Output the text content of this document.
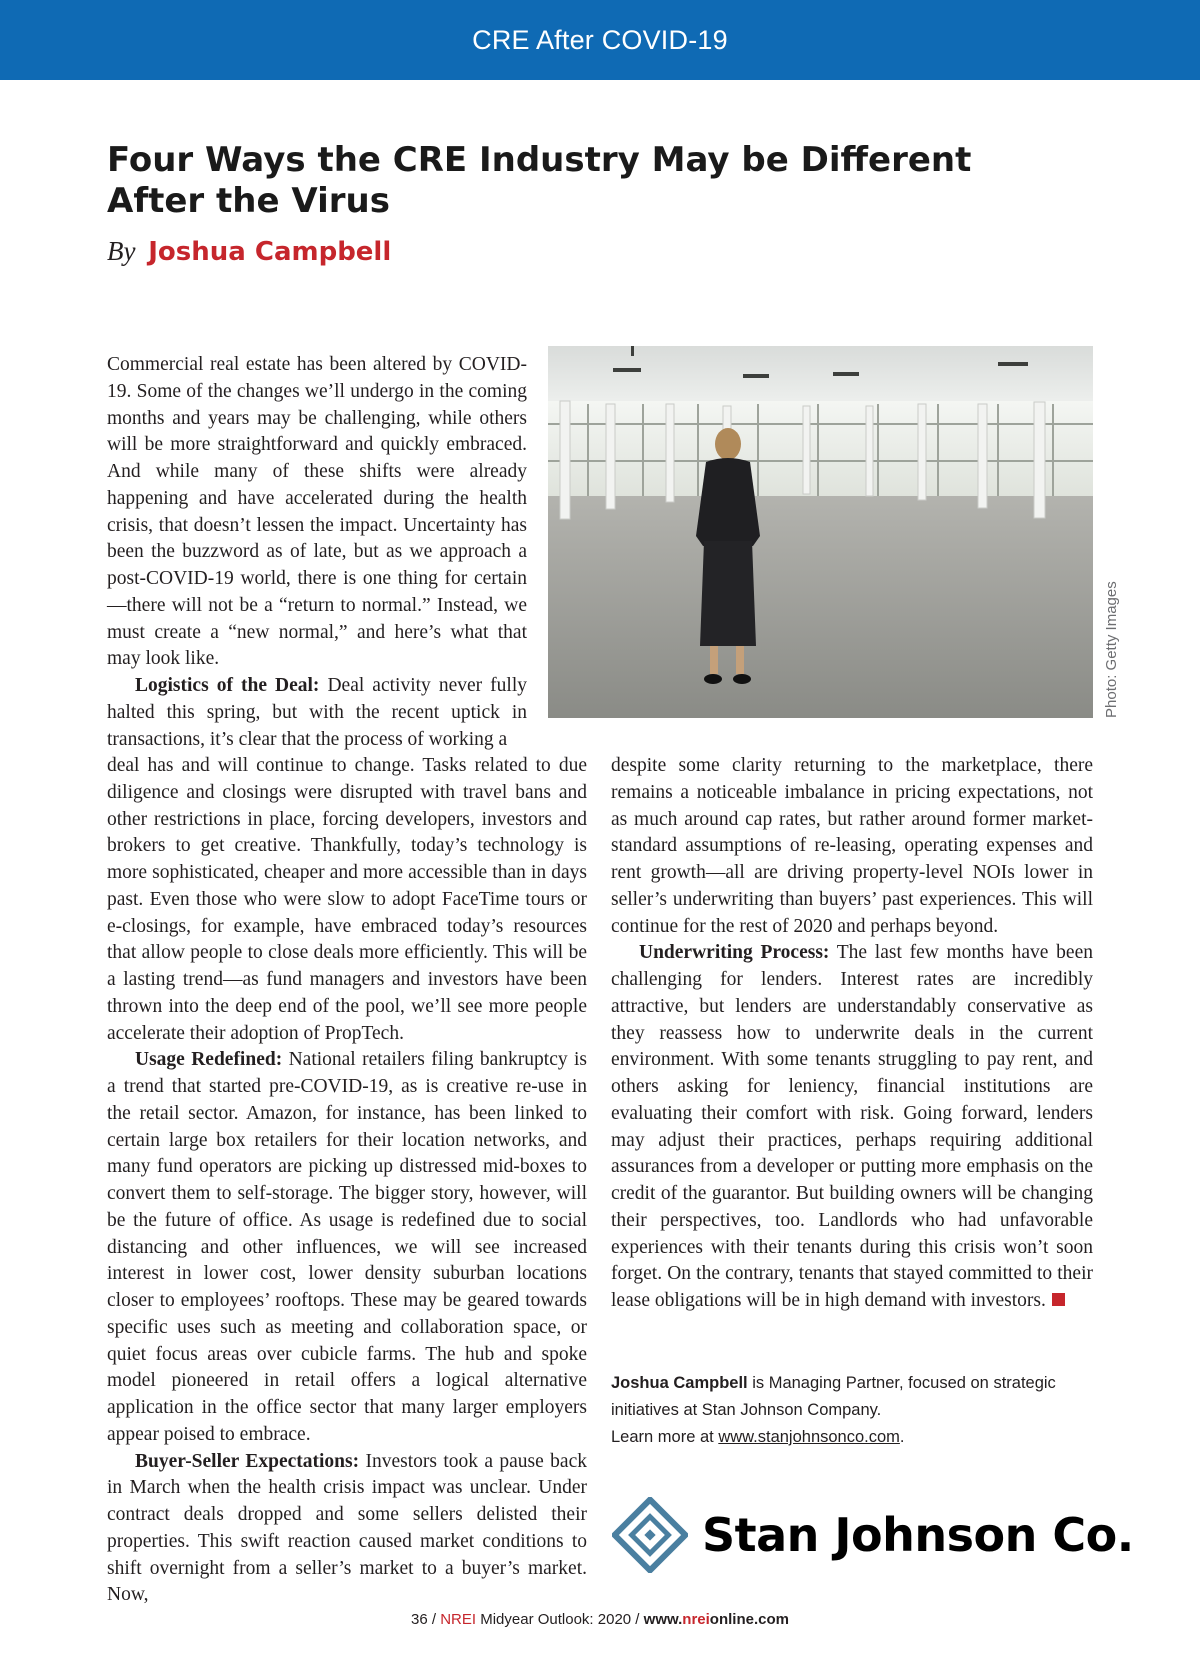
CRE After COVID-19
Four Ways the CRE Industry May be Different After the Virus
By Joshua Campbell
Photo: Getty Images

Commercial real estate has been altered by COVID-19. Some of the changes we’ll undergo in the coming months and years may be challenging, while others will be more straightforward and quickly embraced. And while many of these shifts were already happening and have accelerated during the health crisis, that doesn’t lessen the impact. Uncertainty has been the buzzword as of late, but as we approach a post-COVID-19 world, there is one thing for certain—there will not be a “return to normal.” Instead, we must create a “new normal,” and here’s what that may look like.

Logistics of the Deal: Deal activity never fully halted this spring, but with the recent uptick in transactions, it’s clear that the process of working a

deal has and will continue to change. Tasks related to due diligence and closings were disrupted with travel bans and other restrictions in place, forcing developers, investors and brokers to get creative. Thankfully, today’s technology is more sophisticated, cheaper and more accessible than in days past. Even those who were slow to adopt FaceTime tours or e-closings, for example, have embraced today’s resources that allow people to close deals more efficiently. This will be a lasting trend—as fund managers and investors have been thrown into the deep end of the pool, we’ll see more people accelerate their adoption of PropTech.

Usage Redefined: National retailers filing bankruptcy is a trend that started pre-COVID-19, as is creative re-use in the retail sector. Amazon, for instance, has been linked to certain large box retailers for their location networks, and many fund operators are picking up distressed mid-boxes to convert them to self-storage. The bigger story, however, will be the future of office. As usage is redefined due to social distancing and other influences, we will see increased interest in lower cost, lower density suburban locations closer to employees’ rooftops. These may be geared towards specific uses such as meeting and collaboration space, or quiet focus areas over cubicle farms. The hub and spoke model pioneered in retail offers a logical alternative application in the office sector that many larger employers appear poised to embrace.

Buyer-Seller Expectations: Investors took a pause back in March when the health crisis impact was unclear. Under contract deals dropped and some sellers delisted their properties. This swift reaction caused market conditions to shift overnight from a seller’s market to a buyer’s market. Now,

despite some clarity returning to the marketplace, there remains a noticeable imbalance in pricing expectations, not as much around cap rates, but rather around former market-standard assumptions of re-leasing, operating expenses and rent growth—all are driving property-level NOIs lower in seller’s underwriting than buyers’ past experiences. This will continue for the rest of 2020 and perhaps beyond.

Underwriting Process: The last few months have been challenging for lenders. Interest rates are incredibly attractive, but lenders are understandably conservative as they reassess how to underwrite deals in the current environment. With some tenants struggling to pay rent, and others asking for leniency, financial institutions are evaluating their comfort with risk. Going forward, lenders may adjust their practices, perhaps requiring additional assurances from a developer or putting more emphasis on the credit of the guarantor. But building owners will be changing their perspectives, too. Landlords who had unfavorable experiences with their tenants during this crisis won’t soon forget. On the contrary, tenants that stayed committed to their lease obligations will be in high demand with investors.

Joshua Campbell is Managing Partner, focused on strategic initiatives at Stan Johnson Company.

Learn more at www.stanjohnsonco.com.

Stan Johnson Co.
36 / NREI Midyear Outlook: 2020 / www.nreionline.com
